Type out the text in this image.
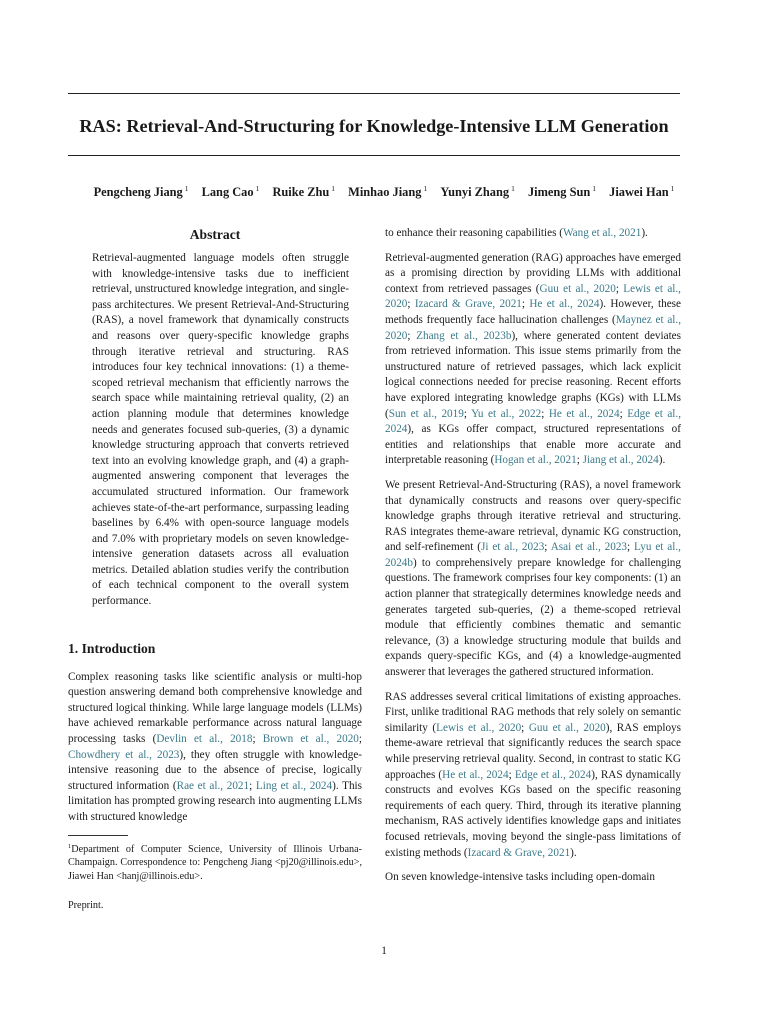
RAS: Retrieval-And-Structuring for Knowledge-Intensive LLM Generation
Pengcheng Jiang $^1$ Lang Cao $^1$ Ruike Zhu $^1$ Minhao Jiang $^1$ Yunyi Zhang $^1$ Jimeng Sun $^1$ Jiawei Han $^1$
Abstract

Retrieval-augmented language models often struggle with knowledge-intensive tasks due to inefficient retrieval, unstructured knowledge integration, and single-pass architectures. We present Retrieval-And-Structuring (RAS), a novel framework that dynamically constructs and reasons over query-specific knowledge graphs through iterative retrieval and structuring. RAS introduces four key technical innovations: (1) a theme-scoped retrieval mechanism that efficiently narrows the search space while maintaining retrieval quality, (2) an action planning module that determines knowledge needs and generates focused sub-queries, (3) a dynamic knowledge structuring approach that converts retrieved text into an evolving knowledge graph, and (4) a graph-augmented answering component that leverages the accumulated structured information. Our framework achieves state-of-the-art performance, surpassing leading baselines by 6.4% with open-source language models and 7.0% with proprietary models on seven knowledge-intensive generation datasets across all evaluation metrics. Detailed ablation studies verify the contribution of each technical component to the overall system performance.

1. Introduction

Complex reasoning tasks like scientific analysis or multi-hop question answering demand both comprehensive knowledge and structured logical thinking. While large language models (LLMs) have achieved remarkable performance across natural language processing tasks (Devlin et al., 2018; Brown et al., 2020; Chowdhery et al., 2023), they often struggle with knowledge-intensive reasoning due to the absence of precise, logically structured information (Rae et al., 2021; Ling et al., 2024). This limitation has prompted growing research into augmenting LLMs with structured knowledge

$^1$Department of Computer Science, University of Illinois Urbana-Champaign. Correspondence to: Pengcheng Jiang <pj20@illinois.edu>, Jiawei Han <hanj@illinois.edu>.

Preprint.

to enhance their reasoning capabilities (Wang et al., 2021).

Retrieval-augmented generation (RAG) approaches have emerged as a promising direction by providing LLMs with additional context from retrieved passages (Guu et al., 2020; Lewis et al., 2020; Izacard & Grave, 2021; He et al., 2024). However, these methods frequently face hallucination challenges (Maynez et al., 2020; Zhang et al., 2023b), where generated content deviates from retrieved information. This issue stems primarily from the unstructured nature of retrieved passages, which lack explicit logical connections needed for precise reasoning. Recent efforts have explored integrating knowledge graphs (KGs) with LLMs (Sun et al., 2019; Yu et al., 2022; He et al., 2024; Edge et al., 2024), as KGs offer compact, structured representations of entities and relationships that enable more accurate and interpretable reasoning (Hogan et al., 2021; Jiang et al., 2024).

We present Retrieval-And-Structuring (RAS), a novel framework that dynamically constructs and reasons over query-specific knowledge graphs through iterative retrieval and structuring. RAS integrates theme-aware retrieval, dynamic KG construction, and self-refinement (Ji et al., 2023; Asai et al., 2023; Lyu et al., 2024b) to comprehensively prepare knowledge for challenging questions. The framework comprises four key components: (1) an action planner that strategically determines knowledge needs and generates targeted sub-queries, (2) a theme-scoped retrieval module that efficiently combines thematic and semantic relevance, (3) a knowledge structuring module that builds and expands query-specific KGs, and (4) a knowledge-augmented answerer that leverages the gathered structured information.

RAS addresses several critical limitations of existing approaches. First, unlike traditional RAG methods that rely solely on semantic similarity (Lewis et al., 2020; Guu et al., 2020), RAS employs theme-aware retrieval that significantly reduces the search space while preserving retrieval quality. Second, in contrast to static KG approaches (He et al., 2024; Edge et al., 2024), RAS dynamically constructs and evolves KGs based on the specific reasoning requirements of each query. Third, through its iterative planning mechanism, RAS actively identifies knowledge gaps and initiates focused retrievals, moving beyond the single-pass limitations of existing methods (Izacard & Grave, 2021).

On seven knowledge-intensive tasks including open-domain

1
